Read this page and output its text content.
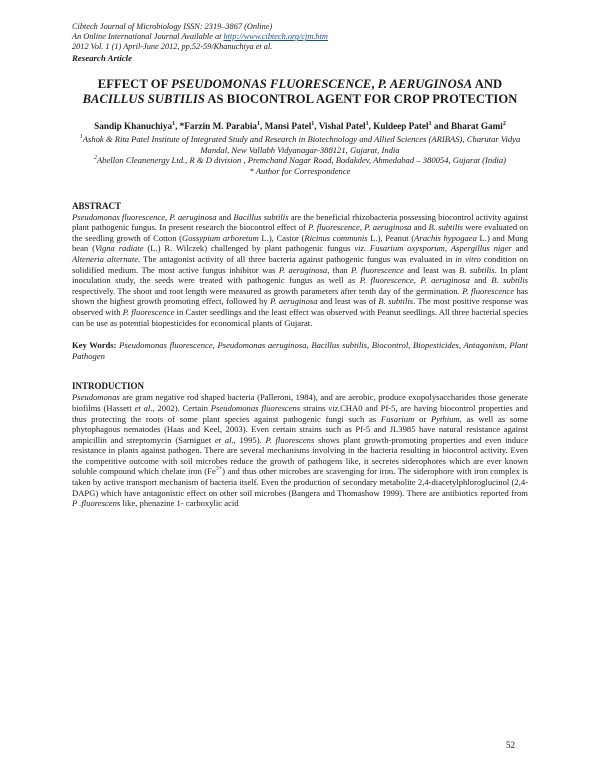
Cibtech Journal of Microbiology ISSN: 2319–3867 (Online)
An Online International Journal Available at http://www.cibtech.org/cjm.htm
2012 Vol. 1 (1) April-June 2012, pp.52-59/Khanuchiya et al.
Research Article
EFFECT OF PSEUDOMONAS FLUORESCENCE, P. AERUGINOSA AND
BACILLUS SUBTILIS AS BIOCONTROL AGENT FOR CROP PROTECTION
Sandip Khanuchiya$^1$, *Farzin M. Parabia$^1$, Mansi Patel$^1$, Vishal Patel$^1$, Kuldeep Patel$^1$ and Bharat Gami$^2$
$^1$Ashok & Rita Patel Institute of Integrated Study and Research in Biotechnology and Allied Sciences (ARIBAS), Charutar Vidya Mandal, New Vallabh Vidyanagar-388121, Gujarat, India
$^2$Abellon Cleanenergy Ltd., R & D division , Premchand Nagar Road, Bodakdev, Ahmedabad – 380054, Gujarat (India)
* Author for Correspondence
ABSTRACT
Pseudomonas fluorescence, P. aeruginosa and Bacillus subtilis are the beneficial rhizobacteria possessing biocontrol activity against plant pathogenic fungus. In present research the biocontrol effect of P. fluorescence, P. aeruginosa and B. subtilis were evaluated on the seedling growth of Cotton (Gossypium arboretum L.), Castor (Ricinus communis L.), Peanut (Arachis hypogaea L.) and Mung bean (Vigna radiate (L.) R. Wilczek) challenged by plant pathogenic fungus viz. Fusarium oxysporum, Aspergillus niger and Alteneria alternate. The antagonist activity of all three bacteria against pathogenic fungus was evaluated in in vitro condition on solidified medium. The most active fungus inhibitor was P. aeruginosa, than P. fluorescence and least was B. subtilis. In plant inoculation study, the seeds were treated with pathogenic fungus as well as P. fluorescence, P. aeruginosa and B. subtilis respectively. The shoot and root length were measured as growth parameters after tenth day of the germination. P. fluorescence has shown the highest growth promoting effect, followed by P. aeruginosa and least was of B. subtilis. The most positive response was observed with P. fluorescence in Caster seedlings and the least effect was observed with Peanut seedlings. All three bacterial species can be use as potential biopesticides for economical plants of Gujarat.
Key Words: Pseudomonas fluorescence, Pseudomonas aeruginosa, Bacillus subtilis, Biocontrol, Biopesticides, Antagonism, Plant Pathogen
INTRODUCTION
Pseudomonas are gram negative rod shaped bacteria (Palleroni, 1984), and are aerobic, produce exopolysaccharides those generate biofilms (Hassett et al., 2002). Certain Pseudomonas fluorescens strains viz.CHA0 and Pf-5, are having biocontrol properties and thus protecting the roots of some plant species against pathogenic fungi such as Fusarium or Pythium, as well as some phytophagous nematodes (Haas and Keel, 2003). Even certain strains such as Pf-5 and JL3985 have natural resistance against ampicillin and streptomycin (Sarniguet et al., 1995). P. fluorescens shows plant growth-promoting properties and even induce resistance in plants against pathogen. There are several mechanisms involving in the bacteria resulting in biocontrol activity. Even the competitive outcome with soil microbes reduce the growth of pathogens like, it secretes siderophores which are ever known soluble compound which chelate iron $(Fe^{3+})$ and thus other microbes are scavenging for iron. The siderophore with iron complex is taken by active transport mechanism of bacteria itself. Even the production of secondary metabolite 2,4-diacetylphloroglucinol (2,4-DAPG) which have antagonistic effect on other soil microbes (Bangera and Thomashow 1999). There are antibiotics reported from P .fluorescens like, phenazine 1- carboxylic acid
52
